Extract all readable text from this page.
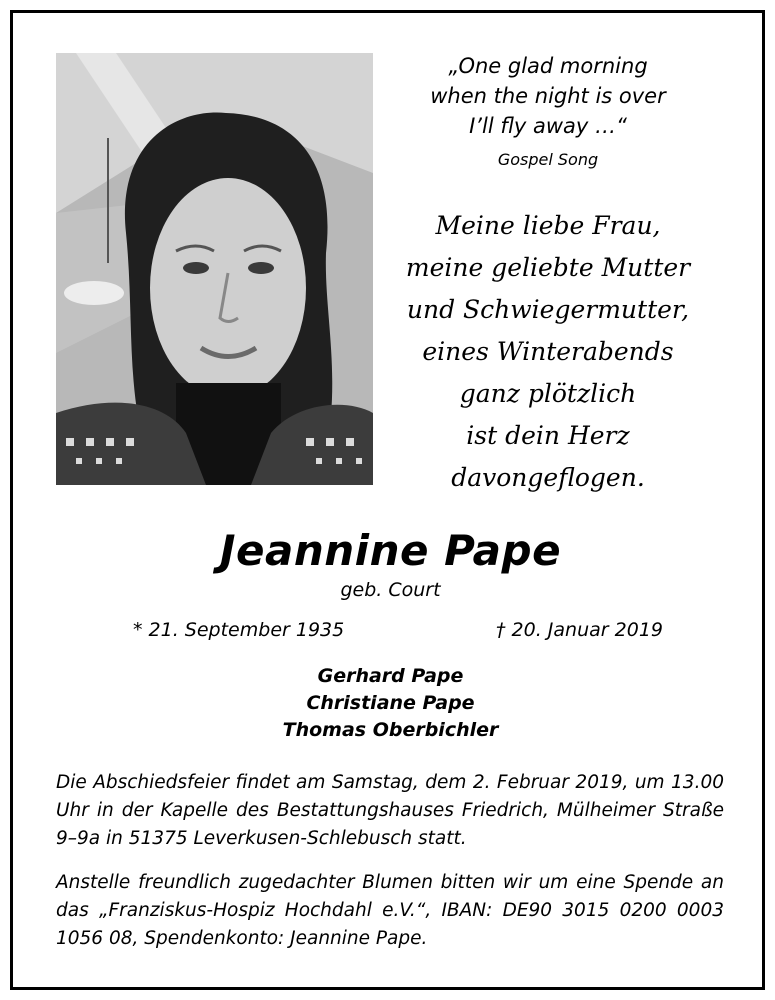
„One glad morning
when the night is over
I’ll fly away …“
Gospel Song
Meine liebe Frau,
meine geliebte Mutter
und Schwiegermutter,
eines Winterabends
ganz plötzlich
ist dein Herz
davongeflogen.
Jeannine Pape
geb. Court
* 21. September 1935	† 20. Januar 2019
Gerhard Pape
Christiane Pape
Thomas Oberbichler
Die Abschiedsfeier findet am Samstag, dem 2. Februar 2019, um 13.00 Uhr in der Kapelle des Bestattungshauses Friedrich, Mülheimer Straße 9–9a in 51375 Leverkusen-Schlebusch statt.
Anstelle freundlich zugedachter Blumen bitten wir um eine Spende an das „Franziskus-Hospiz Hochdahl e.V.“, IBAN: DE90 3015 0200 0003 1056 08, Spendenkonto: Jeannine Pape.
